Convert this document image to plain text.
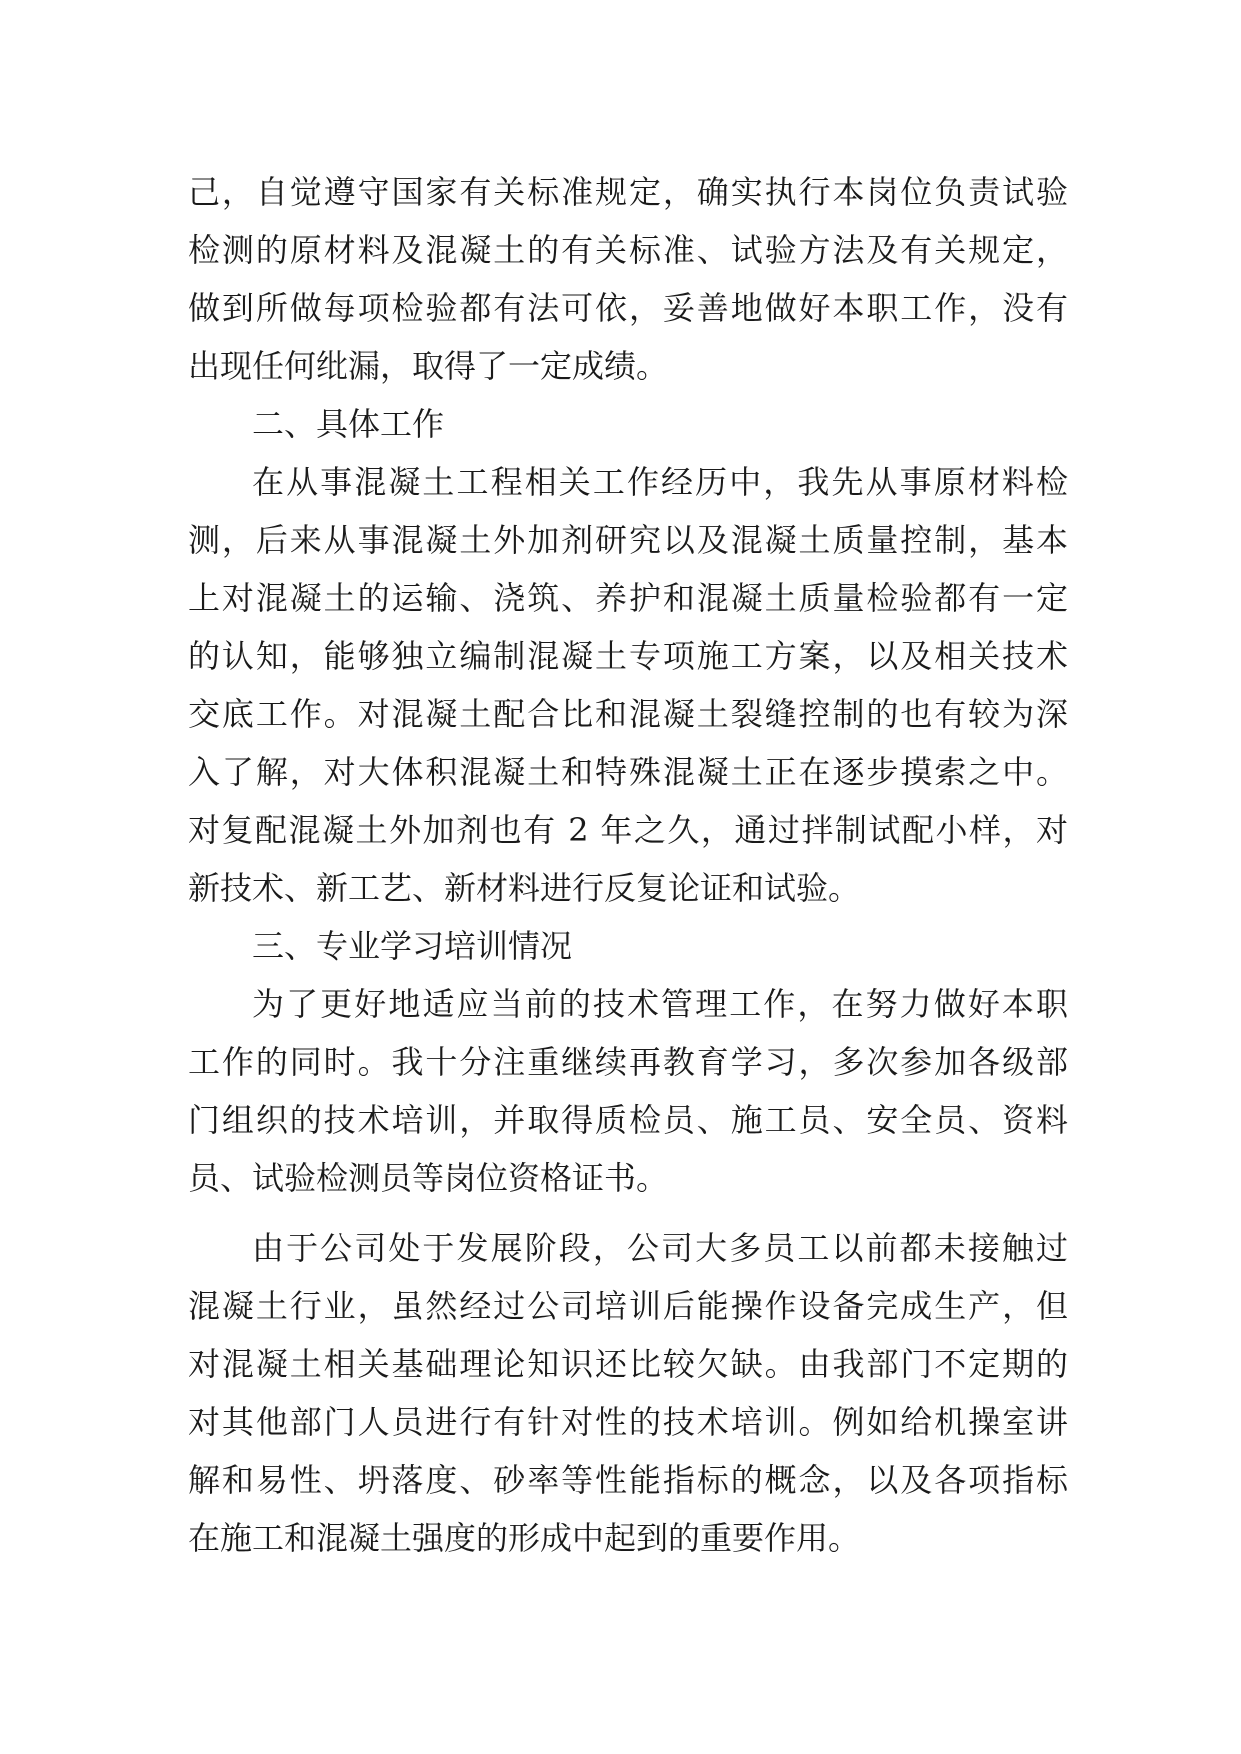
己，自觉遵守国家有关标准规定，确实执行本岗位负责试验
检测的原材料及混凝土的有关标准、试验方法及有关规定，
做到所做每项检验都有法可依，妥善地做好本职工作，没有
出现任何纰漏，取得了一定成绩。
二、具体工作
在从事混凝土工程相关工作经历中，我先从事原材料检
测，后来从事混凝土外加剂研究以及混凝土质量控制，基本
上对混凝土的运输、浇筑、养护和混凝土质量检验都有一定
的认知，能够独立编制混凝土专项施工方案，以及相关技术
交底工作。对混凝土配合比和混凝土裂缝控制的也有较为深
入了解，对大体积混凝土和特殊混凝土正在逐步摸索之中。
对复配混凝土外加剂也有 2 年之久，通过拌制试配小样，对
新技术、新工艺、新材料进行反复论证和试验。
三、专业学习培训情况
为了更好地适应当前的技术管理工作，在努力做好本职
工作的同时。我十分注重继续再教育学习，多次参加各级部
门组织的技术培训，并取得质检员、施工员、安全员、资料
员、试验检测员等岗位资格证书。
由于公司处于发展阶段，公司大多员工以前都未接触过
混凝土行业，虽然经过公司培训后能操作设备完成生产，但
对混凝土相关基础理论知识还比较欠缺。由我部门不定期的
对其他部门人员进行有针对性的技术培训。例如给机操室讲
解和易性、坍落度、砂率等性能指标的概念，以及各项指标
在施工和混凝土强度的形成中起到的重要作用。
